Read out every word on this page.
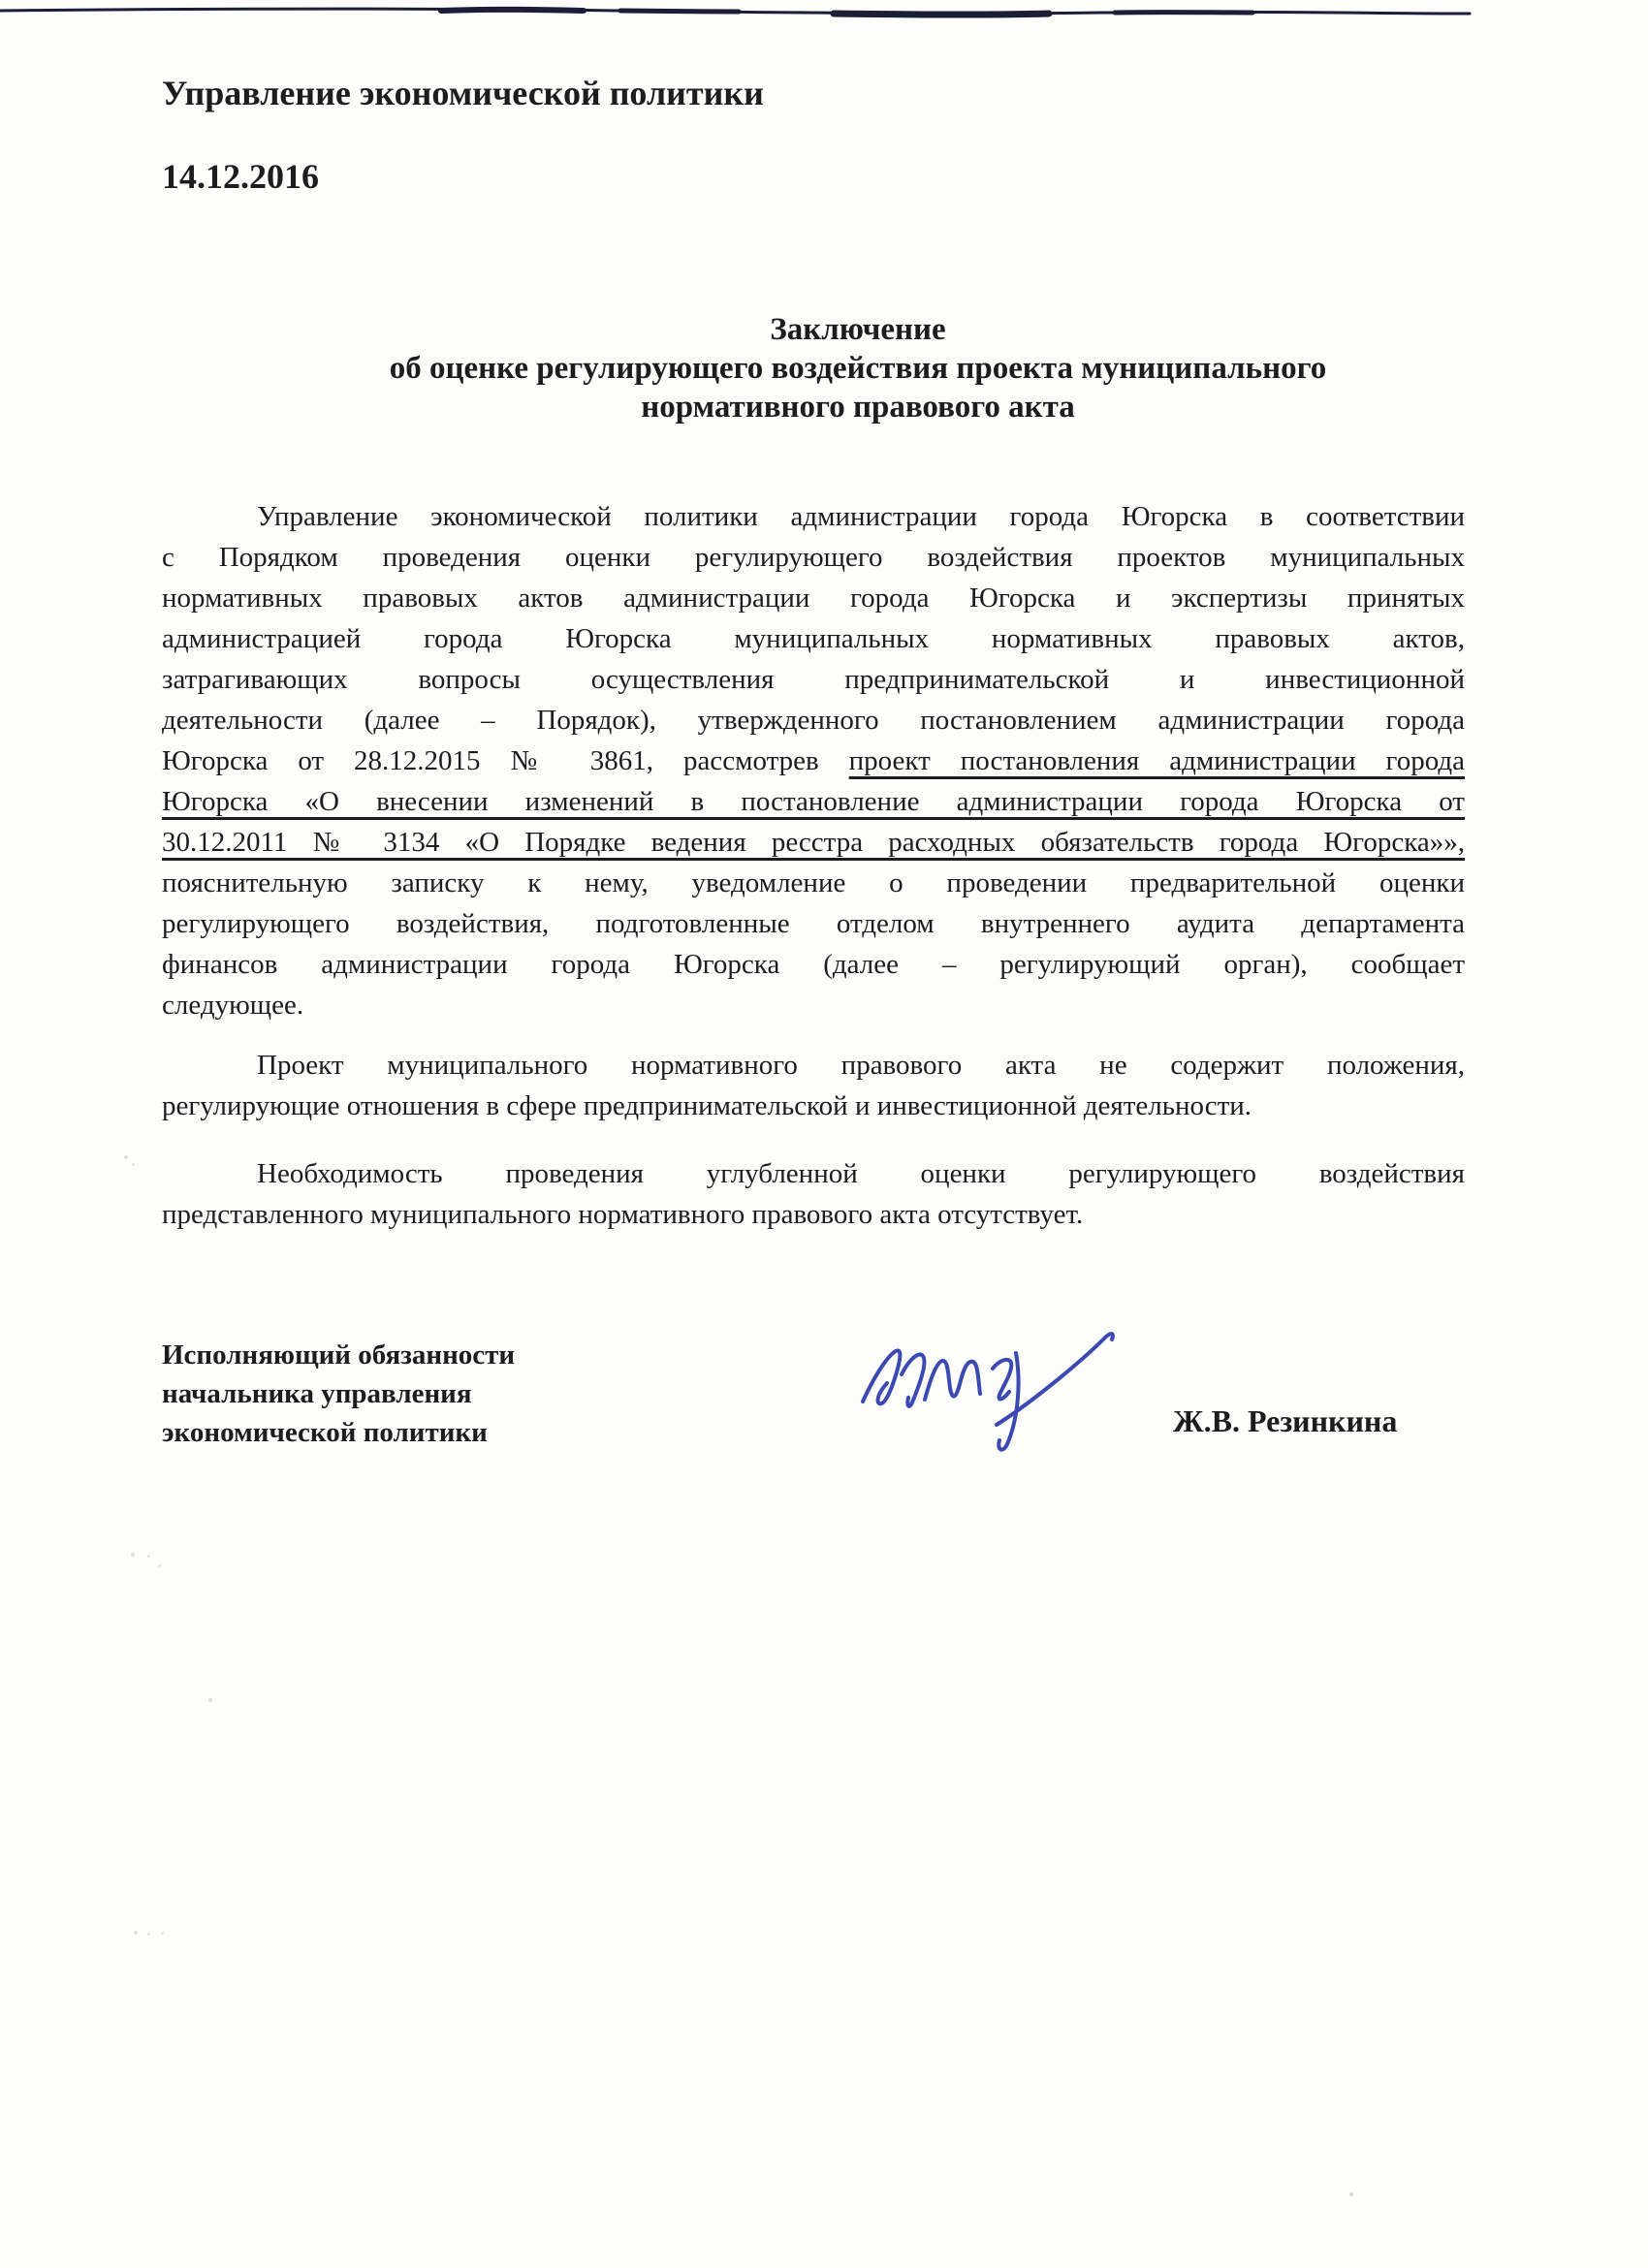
Управление экономической политики
14.12.2016
Заключение
об оценке регулирующего воздействия проекта муниципального
нормативного правового акта
Управление экономической политики администрации города Югорска в соответствии
с Порядком проведения оценки регулирующего воздействия проектов муниципальных
нормативных правовых актов администрации города Югорска и экспертизы принятых
администрацией города Югорска муниципальных нормативных правовых актов,
затрагивающих вопросы осуществления предпринимательской и инвестиционной
деятельности (далее – Порядок), утвержденного постановлением администрации города
Югорска от 28.12.2015 № 3861, рассмотрев проект постановления администрации города
Югорска «О внесении изменений в постановление администрации города Югорска от
30.12.2011 № 3134 «О Порядке ведения ресстра расходных обязательств города Югорска»»,
пояснительную записку к нему, уведомление о проведении предварительной оценки
регулирующего воздействия, подготовленные отделом внутреннего аудита департамента
финансов администрации города Югорска (далее – регулирующий орган), сообщает
следующее.
Проект муниципального нормативного правового акта не содержит положения,
регулирующие отношения в сфере предпринимательской и инвестиционной деятельности.
Необходимость проведения углубленной оценки регулирующего воздействия
представленного муниципального нормативного правового акта отсутствует.
Исполняющий обязанности
начальника управления
экономической политики	Ж.В. Резинкина
